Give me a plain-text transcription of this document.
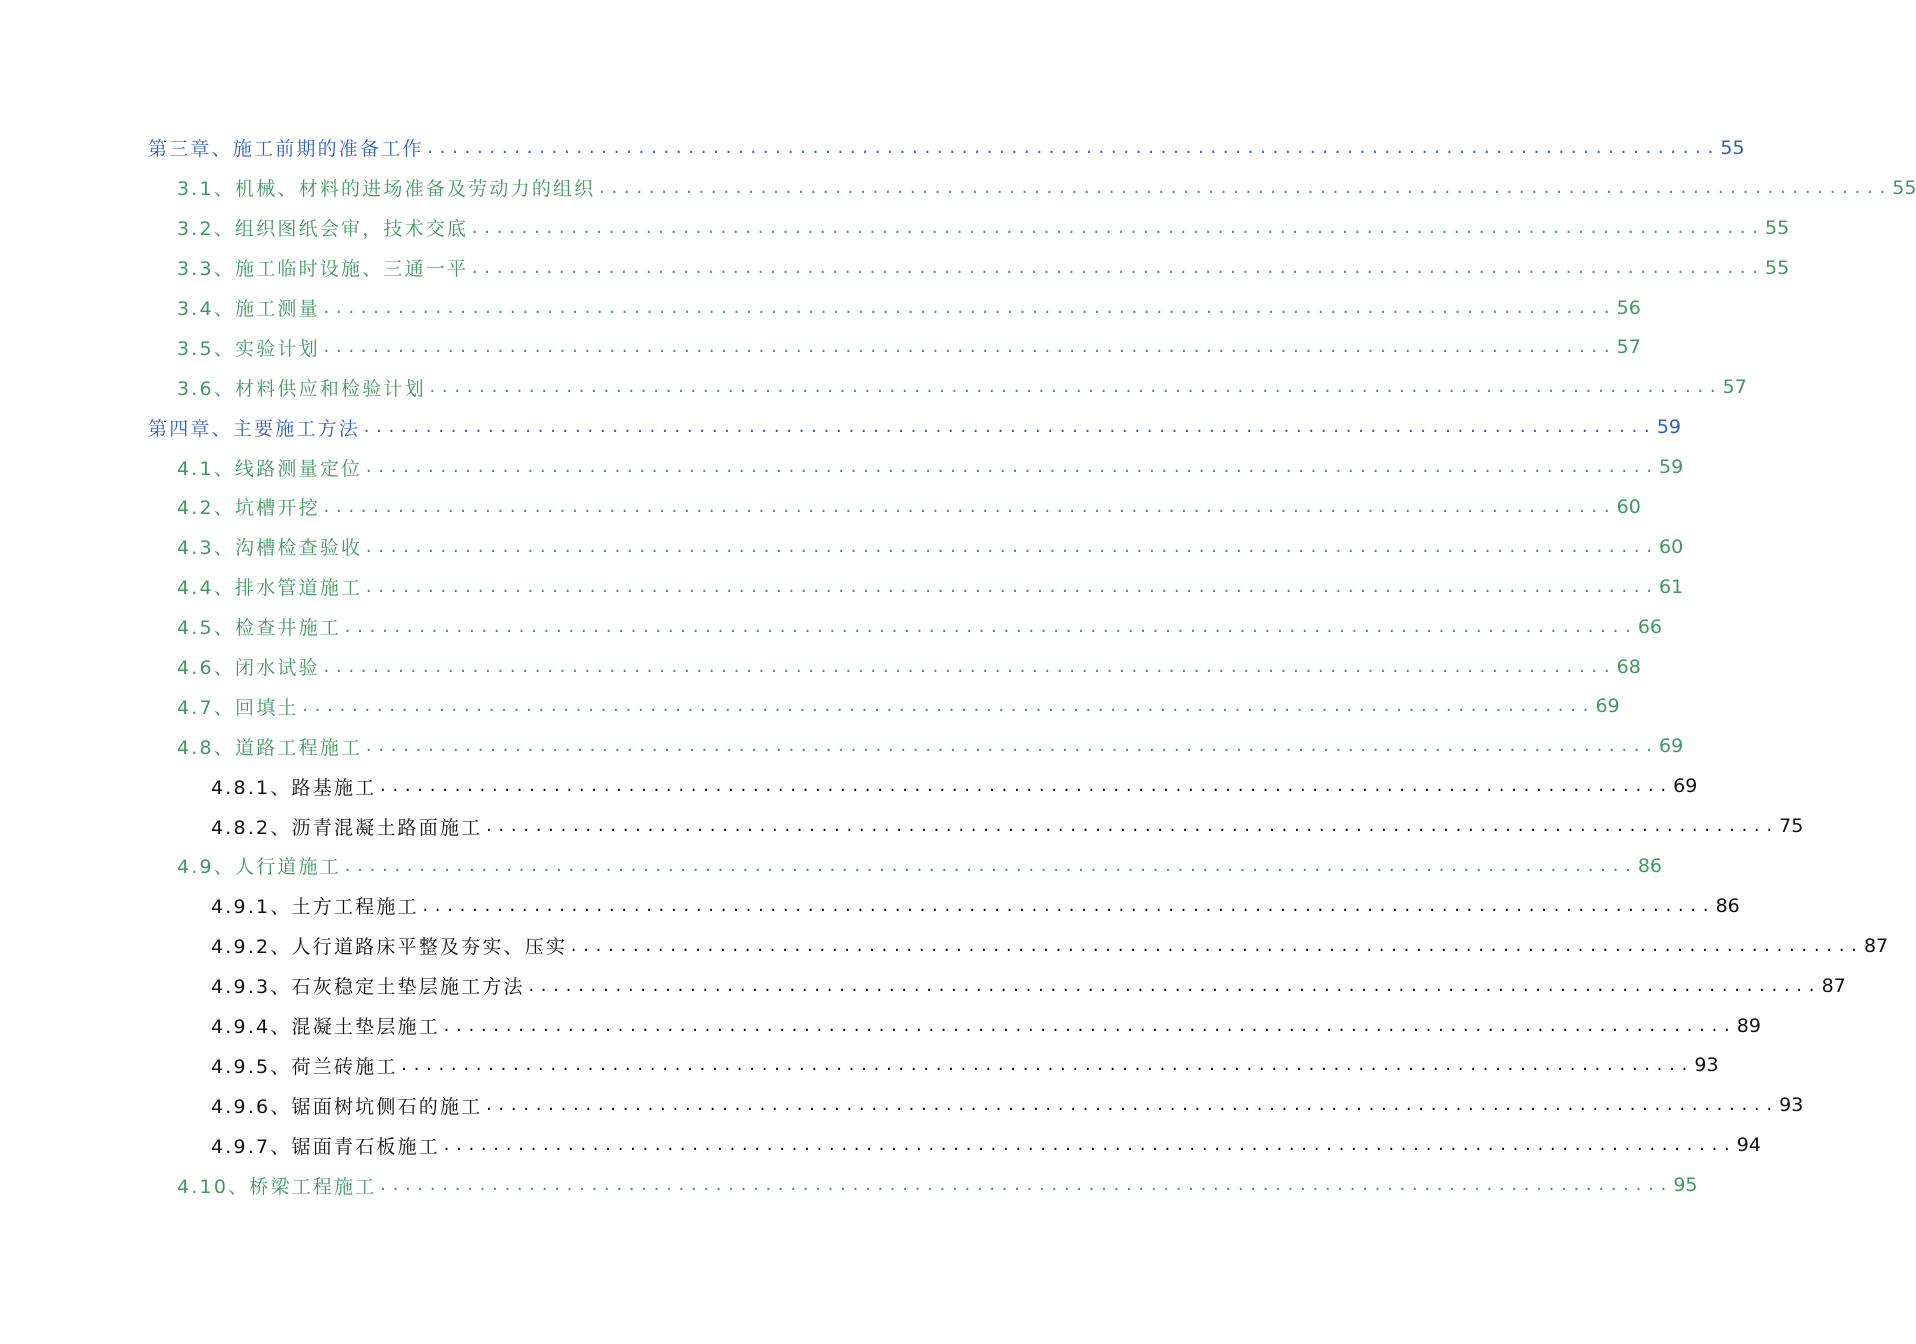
第三章、施工前期的准备工作 ........................................................................................................ 55
3.1、机械、材料的进场准备及劳动力的组织 ........................................................................................................ 55
3.2、组织图纸会审，技术交底 ........................................................................................................ 55
3.3、施工临时设施、三通一平 ........................................................................................................ 55
3.4、施工测量 ........................................................................................................ 56
3.5、实验计划 ........................................................................................................ 57
3.6、材料供应和检验计划 ........................................................................................................ 57
第四章、主要施工方法 ........................................................................................................ 59
4.1、线路测量定位 ........................................................................................................ 59
4.2、坑槽开挖 ........................................................................................................ 60
4.3、沟槽检查验收 ........................................................................................................ 60
4.4、排水管道施工 ........................................................................................................ 61
4.5、检查井施工 ........................................................................................................ 66
4.6、闭水试验 ........................................................................................................ 68
4.7、回填土 ........................................................................................................ 69
4.8、道路工程施工 ........................................................................................................ 69
4.8.1、路基施工 ........................................................................................................ 69
4.8.2、沥青混凝土路面施工 ........................................................................................................ 75
4.9、人行道施工 ........................................................................................................ 86
4.9.1、土方工程施工 ........................................................................................................ 86
4.9.2、人行道路床平整及夯实、压实 ........................................................................................................ 87
4.9.3、石灰稳定土垫层施工方法 ........................................................................................................ 87
4.9.4、混凝土垫层施工 ........................................................................................................ 89
4.9.5、荷兰砖施工 ........................................................................................................ 93
4.9.6、锯面树坑侧石的施工 ........................................................................................................ 93
4.9.7、锯面青石板施工 ........................................................................................................ 94
4.10、桥梁工程施工 ........................................................................................................ 95
